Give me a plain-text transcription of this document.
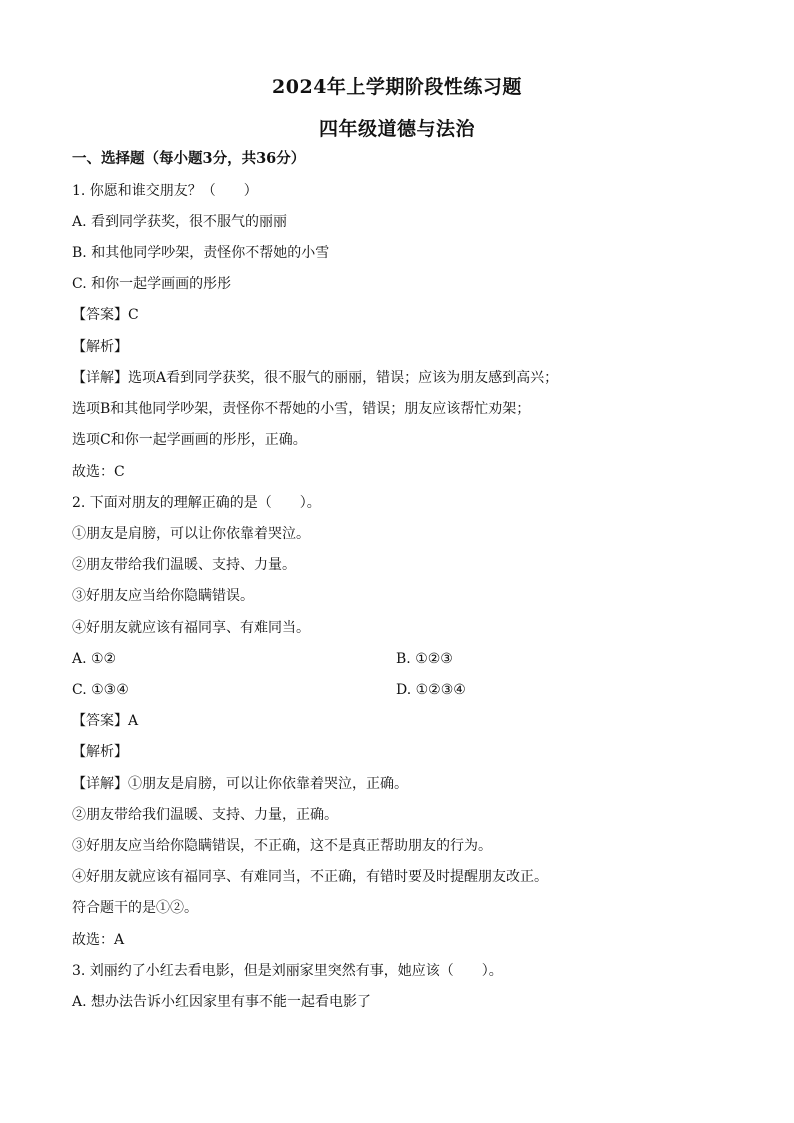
2024年上学期阶段性练习题
四年级道德与法治

一、选择题（每小题3分，共36分）

1. 你愿和谁交朋友？（　　）

A. 看到同学获奖，很不服气的丽丽

B. 和其他同学吵架，责怪你不帮她的小雪

C. 和你一起学画画的彤彤

【答案】C

【解析】

【详解】选项A看到同学获奖，很不服气的丽丽，错误；应该为朋友感到高兴；

选项B和其他同学吵架，责怪你不帮她的小雪，错误；朋友应该帮忙劝架；

选项C和你一起学画画的彤彤，正确。

故选：C

2. 下面对朋友的理解正确的是（　　）。

①朋友是肩膀，可以让你依靠着哭泣。

②朋友带给我们温暖、支持、力量。

③好朋友应当给你隐瞒错误。

④好朋友就应该有福同享、有难同当。

A. ①②	B. ①②③

C. ①③④	D. ①②③④

【答案】A

【解析】

【详解】①朋友是肩膀，可以让你依靠着哭泣，正确。

②朋友带给我们温暖、支持、力量，正确。

③好朋友应当给你隐瞒错误，不正确，这不是真正帮助朋友的行为。

④好朋友就应该有福同享、有难同当，不正确，有错时要及时提醒朋友改正。

符合题干的是①②。

故选：A

3. 刘丽约了小红去看电影，但是刘丽家里突然有事，她应该（　　）。

A. 想办法告诉小红因家里有事不能一起看电影了
